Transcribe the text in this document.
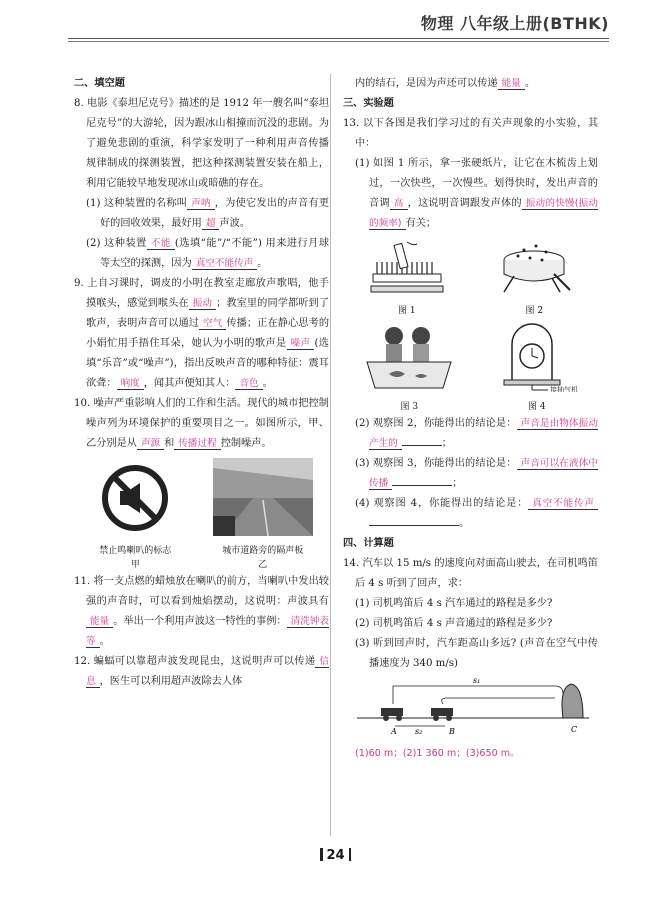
物理 八年级上册(BTHK)

二、填空题

8. 电影《泰坦尼克号》描述的是 1912 年一艘名叫“泰坦尼克号”的大游轮，因为跟冰山相撞而沉没的悲剧。为了避免悲剧的重演，科学家发明了一种利用声音传播规律制成的探测装置，把这种探测装置安装在船上，利用它能较早地发现冰山或暗礁的存在。

(1) 这种装置的名称叫 声呐 ，为使它发出的声音有更好的回收效果，最好用 超 声波。

(2) 这种装置 不能 (选填“能”/“不能”) 用来进行月球等太空的探测，因为 真空不能传声 。

9. 上自习课时，调皮的小明在教室走廊放声歌唱，他手摸喉头，感觉到喉头在 振动 ；教室里的同学都听到了歌声，表明声音可以通过 空气 传播；正在静心思考的小娟忙用手捂住耳朵，她认为小明的歌声是 噪声 (选填“乐音”或“噪声”)，指出反映声音的哪种特征：震耳欲聋： 响度 ，闻其声便知其人： 音色 。

10. 噪声严重影响人们的工作和生活。现代的城市把控制噪声列为环境保护的重要项目之一。如图所示，甲、乙分别是从 声源 和 传播过程 控制噪声。

禁止鸣喇叭的标志
甲
城市道路旁的隔声板
乙

11. 将一支点燃的蜡烛放在喇叭的前方，当喇叭中发出较强的声音时，可以看到烛焰摆动，这说明：声波具有能量 。举出一个利用声波这一特性的事例： 清洗钟表等 。

12. 蝙蝠可以靠超声波发现昆虫，这说明声可以传递 信息 ，医生可以利用超声波除去人体

内的结石，是因为声还可以传递 能量 。

三、实验题

13. 以下各图是我们学习过的有关声现象的小实验，其中：

(1) 如图 1 所示，拿一张硬纸片，让它在木梳齿上划过，一次快些，一次慢些。划得快时，发出声音的音调 高 ，这说明音调跟发声体的 振动的快慢(振动的频率) 有关；

图 1	图 2
图 3
接抽气机
图 4

(2) 观察图 2，你能得出的结论是： 声音是由物体振动产生的	；

(3) 观察图 3，你能得出的结论是： 声音可以在液体中传播	；

(4) 观察图 4，你能得出的结论是： 真空不能传声。

四、计算题

14. 汽车以 15 m/s 的速度向对面高山驶去，在司机鸣笛后 4 s 听到了回声，求：

(1) 司机鸣笛后 4 s 汽车通过的路程是多少?

(2) 司机鸣笛后 4 s 声音通过的路程是多少?

(3) 听到回声时，汽车距高山多远? (声音在空气中传播速度为 340 m/s)

s₁
s₂
A	B	C

(1)60 m；(2)1 360 m；(3)650 m。

24
